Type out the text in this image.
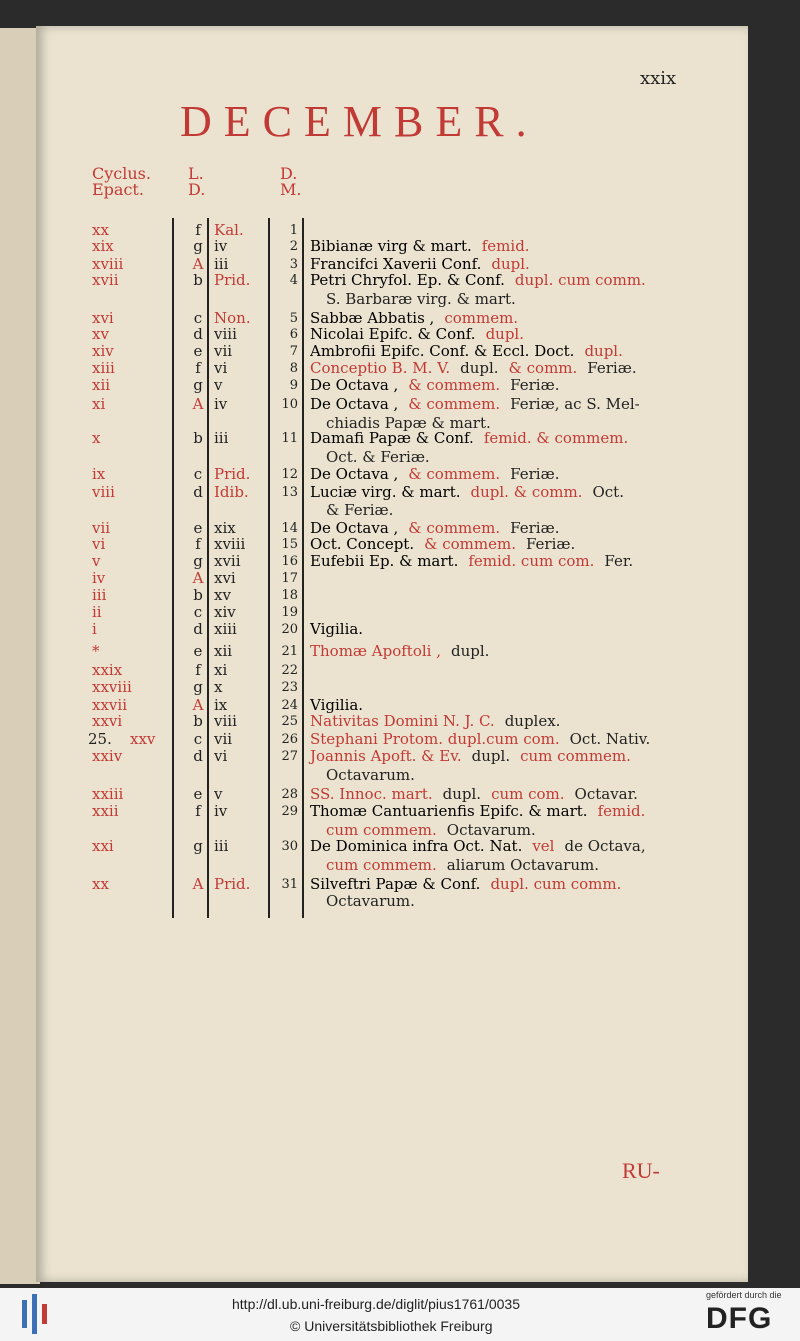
xxix
DECEMBER.
Cyclus.
Epact.
L.
D.
D.
M.
xx	f Kal.	1
xix	g iv	2 Bibianæ virg & mart. femid.
xviii	A iii	3 Francifci Xaverii Conf. dupl.
xvii	b Prid.	4 Petri Chryfol. Ep. & Conf. dupl. cum comm.
S. Barbaræ virg. & mart.
xvi	c Non.	5 Sabbæ Abbatis , commem.
xv	d viii	6 Nicolai Epifc. & Conf. dupl.
xiv	e vii	7 Ambrofii Epifc. Conf. & Eccl. Doct. dupl.
xiii	f vi	8 Conceptio B. M. V. dupl. & comm. Feriæ.
xii	g v	9 De Octava , & commem. Feriæ.
xi	A iv	10 De Octava , & commem. Feriæ, ac S. Mel-
chiadis Papæ & mart.
x	b iii	11 Damafi Papæ & Conf. femid. & commem.
Oct. & Feriæ.
ix	c Prid. 12 De Octava , & commem. Feriæ.
viii	d Idib.	13 Luciæ virg. & mart. dupl. & comm. Oct.
& Feriæ.
vii	e xix	14 De Octava , & commem. Feriæ.
vi	f xviii	15 Oct. Concept. & commem. Feriæ.
v	g xvii	16 Eufebii Ep. & mart. femid. cum com. Fer.
iv	A xvi	17
iii	b xv	18
ii	c xiv	19
i	d xiii	20 Vigilia.
*	e xii	21 Thomæ Apoftoli , dupl.
xxix	f xi	22
xxviii	g x	23
xxvii	A ix	24 Vigilia.
xxvi	b viii	25 Nativitas Domini N. J. C. duplex.
25. xxv	c vii	26 Stephani Protom. dupl.cum com. Oct. Nativ.
xxiv	d vi	27 Joannis Apoft. & Ev. dupl. cum commem.
Octavarum.
xxiii	e v	28 SS. Innoc. mart. dupl. cum com. Octavar.
xxii	f iv	29 Thomæ Cantuarienfis Epifc. & mart. femid.
cum commem. Octavarum.
xxi	g iii	30 De Dominica infra Oct. Nat. vel de Octava,
cum commem. aliarum Octavarum.
xx	A Prid. 31 Silveftri Papæ & Conf. dupl. cum comm.
Octavarum.
RU-
http://dl.ub.uni-freiburg.de/diglit/pius1761/0035
© Universitätsbibliothek Freiburg
gefördert durch die
DFG
